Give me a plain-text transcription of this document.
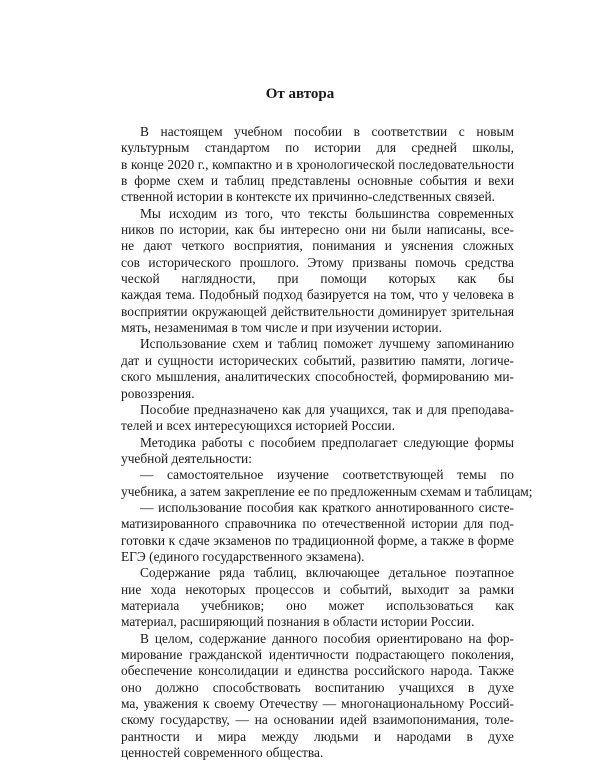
От автора
В настоящем учебном пособии в соответствии с новым
культурным стандартом по истории для средней школы,
в конце 2020 г., компактно и в хронологической последовательности
в форме схем и таблиц представлены основные события и вехи
ственной истории в контексте их причинно-следственных связей.
Мы исходим из того, что тексты большинства современных
ников по истории, как бы интересно они ни были написаны, все-
не дают четкого восприятия, понимания и уяснения сложных
сов исторического прошлого. Этому призваны помочь средства
ческой наглядности, при помощи которых как бы
каждая тема. Подобный подход базируется на том, что у человека в
восприятии окружающей действительности доминирует зрительная
мять, незаменимая в том числе и при изучении истории.
Использование схем и таблиц поможет лучшему запоминанию
дат и сущности исторических событий, развитию памяти, логиче-
ского мышления, аналитических способностей, формированию ми-
ровоззрения.
Пособие предназначено как для учащихся, так и для преподава-
телей и всех интересующихся историей России.
Методика работы с пособием предполагает следующие формы
учебной деятельности:
— самостоятельное изучение соответствующей темы по
учебника, а затем закрепление ее по предложенным схемам и таблицам;
— использование пособия как краткого аннотированного систе-
матизированного справочника по отечественной истории для под-
готовки к сдаче экзаменов по традиционной форме, а также в форме
ЕГЭ (единого государственного экзамена).
Содержание ряда таблиц, включающее детальное поэтапное
ние хода некоторых процессов и событий, выходит за рамки
материала учебников; оно может использоваться как
материал, расширяющий познания в области истории России.
В целом, содержание данного пособия ориентировано на фор-
мирование гражданской идентичности подрастающего поколения,
обеспечение консолидации и единства российского народа. Также
оно должно способствовать воспитанию учащихся в духе
ма, уважения к своему Отечеству — многонациональному Россий-
скому государству, — на основании идей взаимопонимания, толе-
рантности и мира между людьми и народами в духе
ценностей современного общества.
